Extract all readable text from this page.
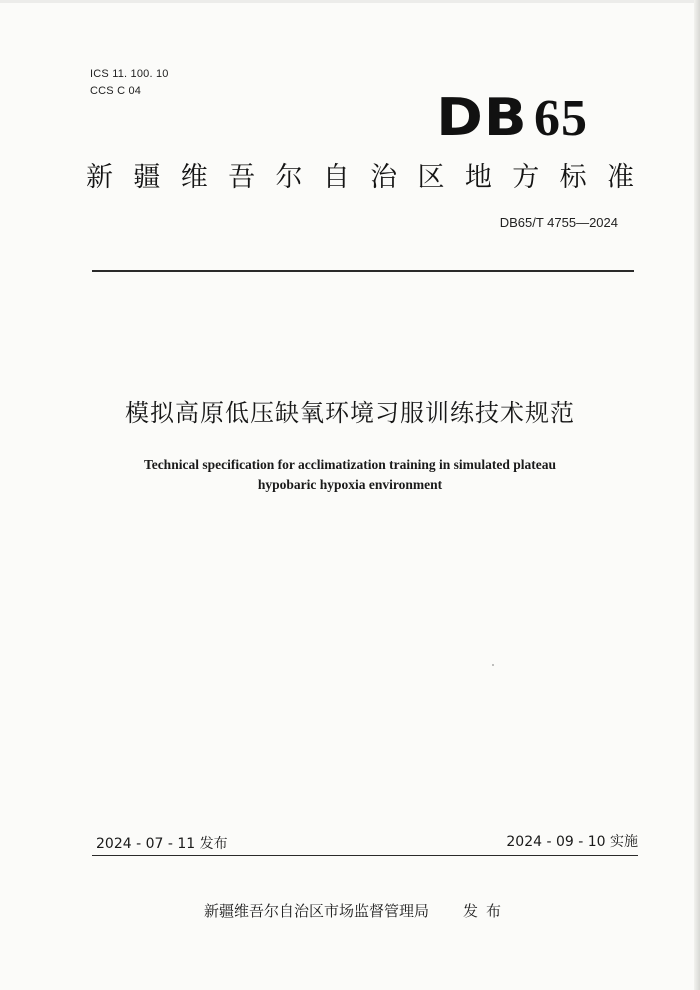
ICS 11. 100. 10
CCS C 04	DB 65
新 疆 维 吾 尔 自 治 区 地 方 标 准
DB65/T 4755—2024
模拟高原低压缺氧环境习服训练技术规范
Technical specification for acclimatization training in simulated plateau
hypobaric hypoxia environment
2024 - 07 - 11 发布	2024 - 09 - 10 实施
新疆维吾尔自治区市场监督管理局 发布
